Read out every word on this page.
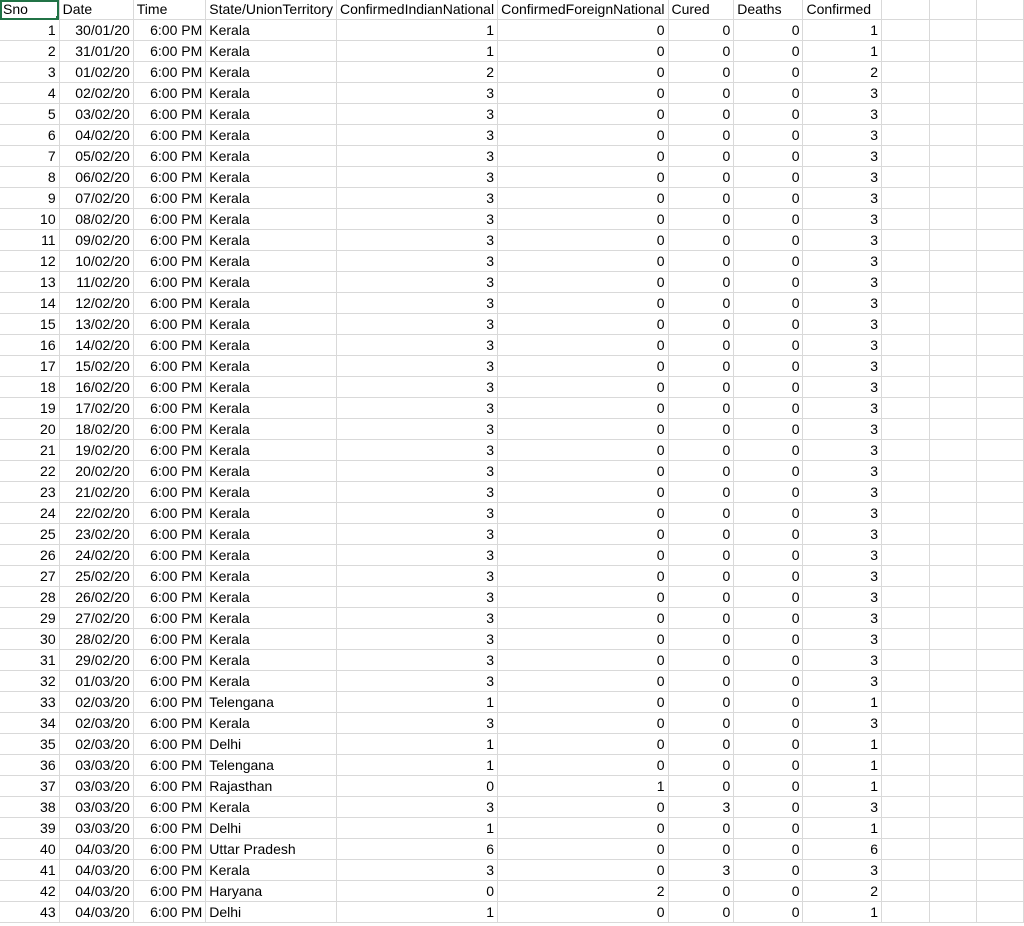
Sno	Date	Time	State/UnionTerritory	ConfirmedIndianNational	ConfirmedForeignNational	Cured	Deaths	Confirmed			
1	30/01/20	6:00 PM	Kerala	1	0	0	0	1			
2	31/01/20	6:00 PM	Kerala	1	0	0	0	1			
3	01/02/20	6:00 PM	Kerala	2	0	0	0	2			
4	02/02/20	6:00 PM	Kerala	3	0	0	0	3			
5	03/02/20	6:00 PM	Kerala	3	0	0	0	3			
6	04/02/20	6:00 PM	Kerala	3	0	0	0	3			
7	05/02/20	6:00 PM	Kerala	3	0	0	0	3			
8	06/02/20	6:00 PM	Kerala	3	0	0	0	3			
9	07/02/20	6:00 PM	Kerala	3	0	0	0	3			
10	08/02/20	6:00 PM	Kerala	3	0	0	0	3			
11	09/02/20	6:00 PM	Kerala	3	0	0	0	3			
12	10/02/20	6:00 PM	Kerala	3	0	0	0	3			
13	11/02/20	6:00 PM	Kerala	3	0	0	0	3			
14	12/02/20	6:00 PM	Kerala	3	0	0	0	3			
15	13/02/20	6:00 PM	Kerala	3	0	0	0	3			
16	14/02/20	6:00 PM	Kerala	3	0	0	0	3			
17	15/02/20	6:00 PM	Kerala	3	0	0	0	3			
18	16/02/20	6:00 PM	Kerala	3	0	0	0	3			
19	17/02/20	6:00 PM	Kerala	3	0	0	0	3			
20	18/02/20	6:00 PM	Kerala	3	0	0	0	3			
21	19/02/20	6:00 PM	Kerala	3	0	0	0	3			
22	20/02/20	6:00 PM	Kerala	3	0	0	0	3			
23	21/02/20	6:00 PM	Kerala	3	0	0	0	3			
24	22/02/20	6:00 PM	Kerala	3	0	0	0	3			
25	23/02/20	6:00 PM	Kerala	3	0	0	0	3			
26	24/02/20	6:00 PM	Kerala	3	0	0	0	3			
27	25/02/20	6:00 PM	Kerala	3	0	0	0	3			
28	26/02/20	6:00 PM	Kerala	3	0	0	0	3			
29	27/02/20	6:00 PM	Kerala	3	0	0	0	3			
30	28/02/20	6:00 PM	Kerala	3	0	0	0	3			
31	29/02/20	6:00 PM	Kerala	3	0	0	0	3			
32	01/03/20	6:00 PM	Kerala	3	0	0	0	3			
33	02/03/20	6:00 PM	Telengana	1	0	0	0	1			
34	02/03/20	6:00 PM	Kerala	3	0	0	0	3			
35	02/03/20	6:00 PM	Delhi	1	0	0	0	1			
36	03/03/20	6:00 PM	Telengana	1	0	0	0	1			
37	03/03/20	6:00 PM	Rajasthan	0	1	0	0	1			
38	03/03/20	6:00 PM	Kerala	3	0	3	0	3			
39	03/03/20	6:00 PM	Delhi	1	0	0	0	1			
40	04/03/20	6:00 PM	Uttar Pradesh	6	0	0	0	6			
41	04/03/20	6:00 PM	Kerala	3	0	3	0	3			
42	04/03/20	6:00 PM	Haryana	0	2	0	0	2			
43	04/03/20	6:00 PM	Delhi	1	0	0	0	1			
